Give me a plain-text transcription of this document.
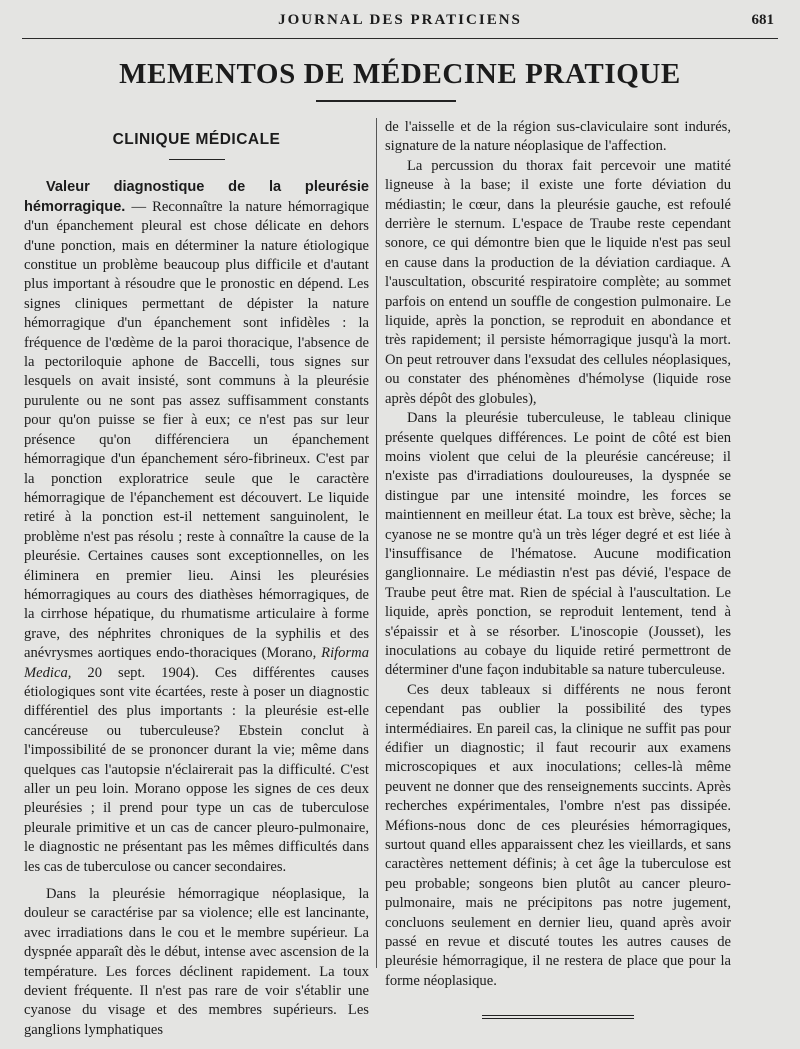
JOURNAL DES PRATICIENS	681
MEMENTOS DE MÉDECINE PRATIQUE
CLINIQUE MÉDICALE

Valeur diagnostique de la pleurésie hémorragique. — Reconnaître la nature hémorragique d'un épanchement pleural est chose délicate en dehors d'une ponction, mais en déterminer la nature étiologique constitue un problème beaucoup plus difficile et d'autant plus important à résoudre que le pronostic en dépend. Les signes cliniques permettant de dépister la nature hémorragique d'un épanchement sont infidèles : la fréquence de l'œdème de la paroi thoracique, l'absence de la pectoriloquie aphone de Baccelli, tous signes sur lesquels on avait insisté, sont communs à la pleurésie purulente ou ne sont pas assez suffisamment constants pour qu'on puisse se fier à eux; ce n'est pas sur leur présence qu'on différenciera un épanchement hémorragique d'un épanchement séro-fibrineux. C'est par la ponction exploratrice seule que le caractère hémorragique de l'épanchement est découvert. Le liquide retiré à la ponction est-il nettement sanguinolent, le problème n'est pas résolu ; reste à connaître la cause de la pleurésie. Certaines causes sont exceptionnelles, on les éliminera en premier lieu. Ainsi les pleurésies hémorragiques au cours des diathèses hémorragiques, de la cirrhose hépatique, du rhumatisme articulaire à forme grave, des néphrites chroniques de la syphilis et des anévrysmes aortiques endo-thoraciques (Morano, Riforma Medica, 20 sept. 1904). Ces différentes causes étiologiques sont vite écartées, reste à poser un diagnostic différentiel des plus importants : la pleurésie est-elle cancéreuse ou tuberculeuse? Ebstein conclut à l'impossibilité de se prononcer durant la vie; même dans quelques cas l'autopsie n'éclairerait pas la difficulté. C'est aller un peu loin. Morano oppose les signes de ces deux pleurésies ; il prend pour type un cas de tuberculose pleurale primitive et un cas de cancer pleuro-pulmonaire, le diagnostic ne présentant pas les mêmes difficultés dans les cas de tuberculose ou cancer secondaires.

Dans la pleurésie hémorragique néoplasique, la douleur se caractérise par sa violence; elle est lancinante, avec irradiations dans le cou et le membre supérieur. La dyspnée apparaît dès le début, intense avec ascension de la température. Les forces déclinent rapidement. La toux devient fréquente. Il n'est pas rare de voir s'établir une cyanose du visage et des membres supérieurs. Les ganglions lymphatiques

de l'aisselle et de la région sus-claviculaire sont indurés, signature de la nature néoplasique de l'affection.

La percussion du thorax fait percevoir une matité ligneuse à la base; il existe une forte déviation du médiastin; le cœur, dans la pleurésie gauche, est refoulé derrière le sternum. L'espace de Traube reste cependant sonore, ce qui démontre bien que le liquide n'est pas seul en cause dans la production de la déviation cardiaque. A l'auscultation, obscurité respiratoire complète; au sommet parfois on entend un souffle de congestion pulmonaire. Le liquide, après la ponction, se reproduit en abondance et très rapidement; il persiste hémorragique jusqu'à la mort. On peut retrouver dans l'exsudat des cellules néoplasiques, ou constater des phénomènes d'hémolyse (liquide rose après dépôt des globules),

Dans la pleurésie tuberculeuse, le tableau clinique présente quelques différences. Le point de côté est bien moins violent que celui de la pleurésie cancéreuse; il n'existe pas d'irradiations douloureuses, la dyspnée se distingue par une intensité moindre, les forces se maintiennent en meilleur état. La toux est brève, sèche; la cyanose ne se montre qu'à un très léger degré et est liée à l'insuffisance de l'hématose. Aucune modification ganglionnaire. Le médiastin n'est pas dévié, l'espace de Traube peut être mat. Rien de spécial à l'auscultation. Le liquide, après ponction, se reproduit lentement, tend à s'épaissir et à se résorber. L'inoscopie (Jousset), les inoculations au cobaye du liquide retiré permettront de déterminer d'une façon indubitable sa nature tuberculeuse.

Ces deux tableaux si différents ne nous feront cependant pas oublier la possibilité des types intermédiaires. En pareil cas, la clinique ne suffit pas pour édifier un diagnostic; il faut recourir aux examens microscopiques et aux inoculations; celles-là même peuvent ne donner que des renseignements succints. Après recherches expérimentales, l'ombre n'est pas dissipée. Méfions-nous donc de ces pleurésies hémorragiques, surtout quand elles apparaissent chez les vieillards, et sans caractères nettement définis; à cet âge la tuberculose est peu probable; songeons bien plutôt au cancer pleuro-pulmonaire, mais ne précipitons pas notre jugement, concluons seulement en dernier lieu, quand après avoir passé en revue et discuté toutes les autres causes de pleurésie hémorragique, il ne restera de place que pour la forme néoplasique.
